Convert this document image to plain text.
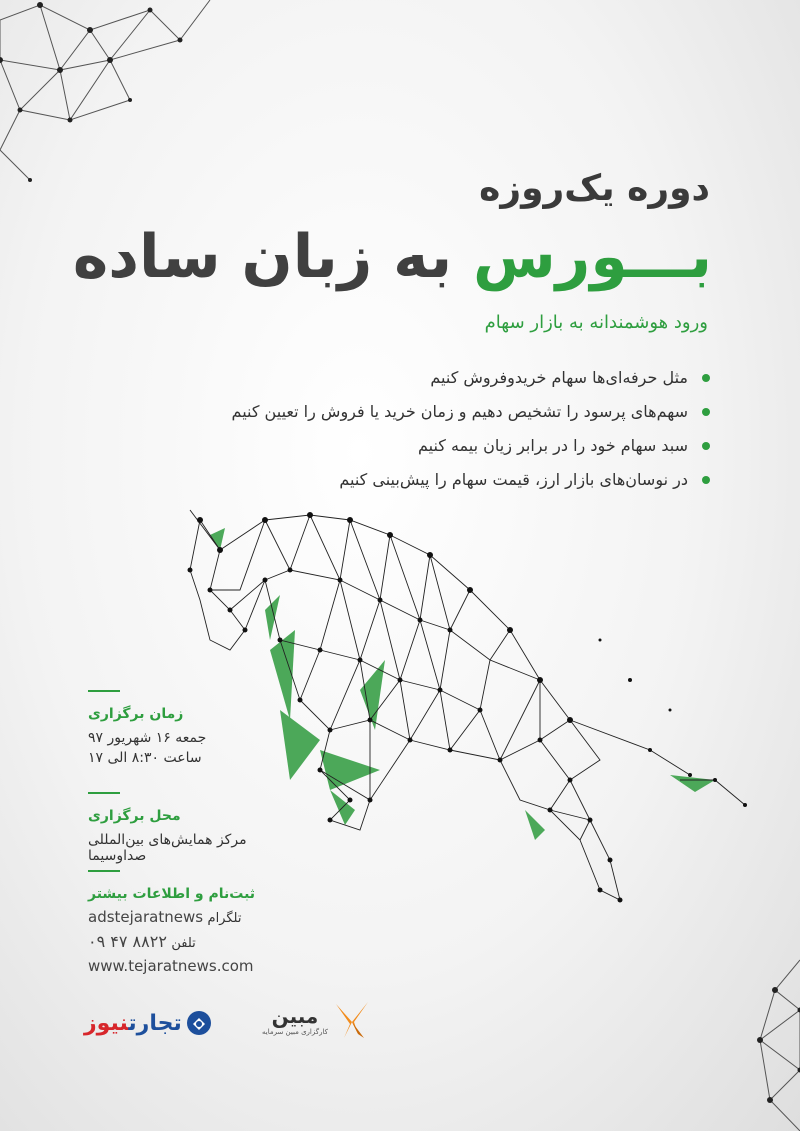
دوره یک‌روزه
بـــورس به زبان ساده

ورود هوشمندانه به بازار سهام

مثل حرفه‌ای‌ها سهام خریدوفروش کنیم
سهم‌های پرسود را تشخیص دهیم و زمان خرید یا فروش را تعیین کنیم
سبد سهام خود را در برابر زیان بیمه کنیم
در نوسان‌های بازار ارز، قیمت سهام را پیش‌بینی کنیم

زمان برگزاری

جمعه ۱۶ شهریور ۹۷

ساعت ۸:۳۰ الی ۱۷

محل برگزاری

مرکز همایش‌های بین‌المللی صداوسیما

ثبت‌نام و اطلاعات بیشتر

adstejaratnews تلگرام

۰۹ ۴۷ ۸۸۲۲ تلفن

www.tejaratnews.com

تجارتنیوز	مبین
کارگزاری مبین سرمایه
